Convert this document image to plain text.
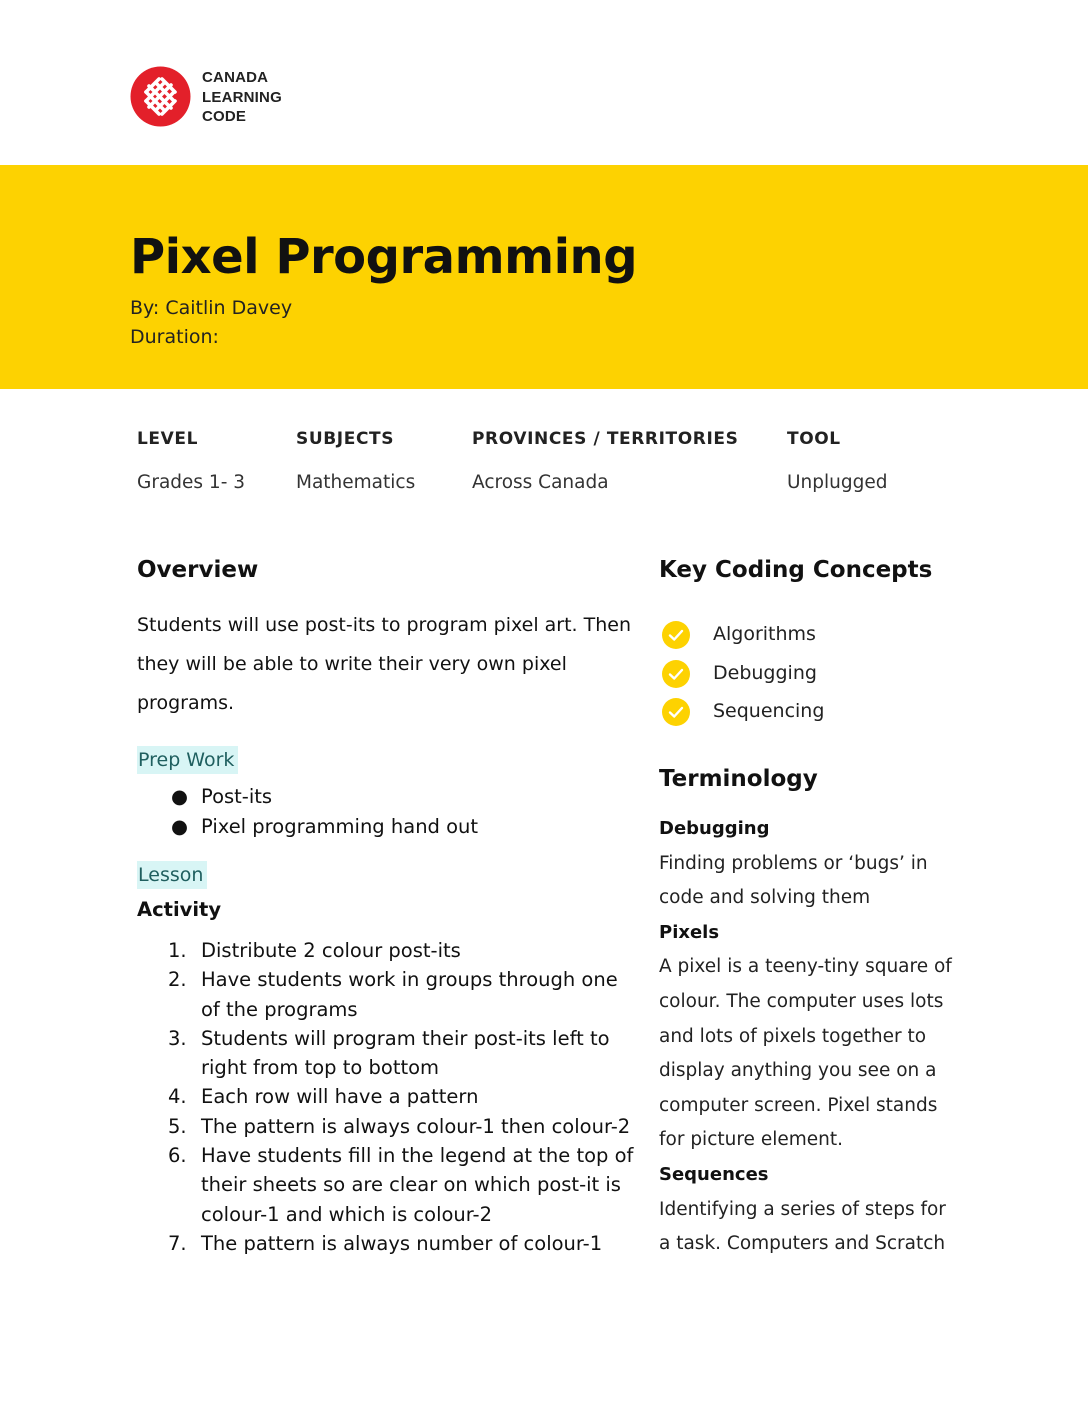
CANADA
LEARNING
CODE
Pixel Programming
By: Caitlin Davey
Duration:
LEVEL
Grades 1- 3
SUBJECTS
Mathematics
PROVINCES / TERRITORIES
Across Canada
TOOL
Unplugged
Overview
Students will use post-its to program pixel art. Then they will be able to write their very own pixel programs.
Prep Work
● Post-its
● Pixel programming hand out
Lesson
Activity
1. Distribute 2 colour post-its
2. Have students work in groups through one
of the programs
3. Students will program their post-its left to
right from top to bottom
4. Each row will have a pattern
5. The pattern is always colour-1 then colour-2
6. Have students fill in the legend at the top of
their sheets so are clear on which post-it is
colour-1 and which is colour-2
7. The pattern is always number of colour-1
Key Coding Concepts
Algorithms
Debugging
Sequencing
Terminology
Debugging
Finding problems or ‘bugs’ in
code and solving them
Pixels
A pixel is a teeny-tiny square of
colour. The computer uses lots
and lots of pixels together to
display anything you see on a
computer screen. Pixel stands
for picture element.
Sequences
Identifying a series of steps for
a task. Computers and Scratch
